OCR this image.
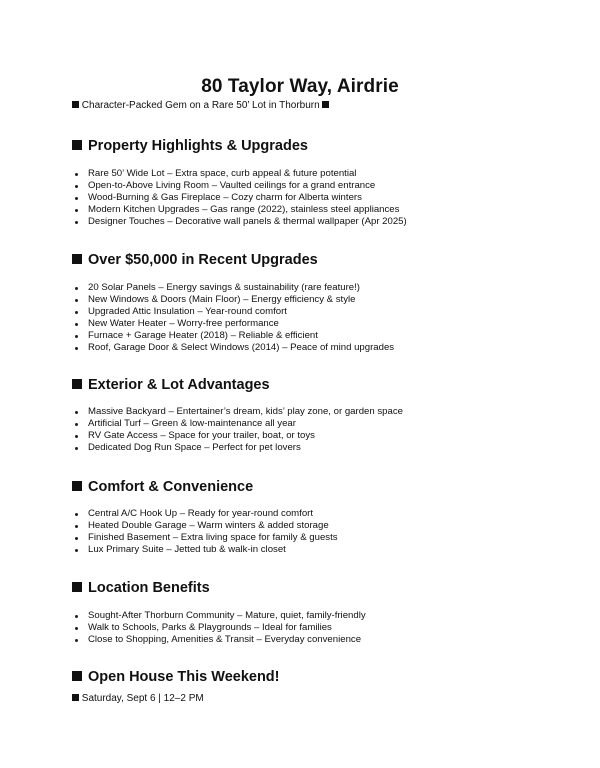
80 Taylor Way, Airdrie
Character-Packed Gem on a Rare 50’ Lot in Thorburn
Property Highlights & Upgrades
Rare 50’ Wide Lot – Extra space, curb appeal & future potential
Open-to-Above Living Room – Vaulted ceilings for a grand entrance
Wood-Burning & Gas Fireplace – Cozy charm for Alberta winters
Modern Kitchen Upgrades – Gas range (2022), stainless steel appliances
Designer Touches – Decorative wall panels & thermal wallpaper (Apr 2025)
Over $50,000 in Recent Upgrades
20 Solar Panels – Energy savings & sustainability (rare feature!)
New Windows & Doors (Main Floor) – Energy efficiency & style
Upgraded Attic Insulation – Year-round comfort
New Water Heater – Worry-free performance
Furnace + Garage Heater (2018) – Reliable & efficient
Roof, Garage Door & Select Windows (2014) – Peace of mind upgrades
Exterior & Lot Advantages
Massive Backyard – Entertainer’s dream, kids’ play zone, or garden space
Artificial Turf – Green & low-maintenance all year
RV Gate Access – Space for your trailer, boat, or toys
Dedicated Dog Run Space – Perfect for pet lovers
Comfort & Convenience
Central A/C Hook Up – Ready for year-round comfort
Heated Double Garage – Warm winters & added storage
Finished Basement – Extra living space for family & guests
Lux Primary Suite – Jetted tub & walk-in closet
Location Benefits
Sought-After Thorburn Community – Mature, quiet, family-friendly
Walk to Schools, Parks & Playgrounds – Ideal for families
Close to Shopping, Amenities & Transit – Everyday convenience
Open House This Weekend!
Saturday, Sept 6 | 12–2 PM
